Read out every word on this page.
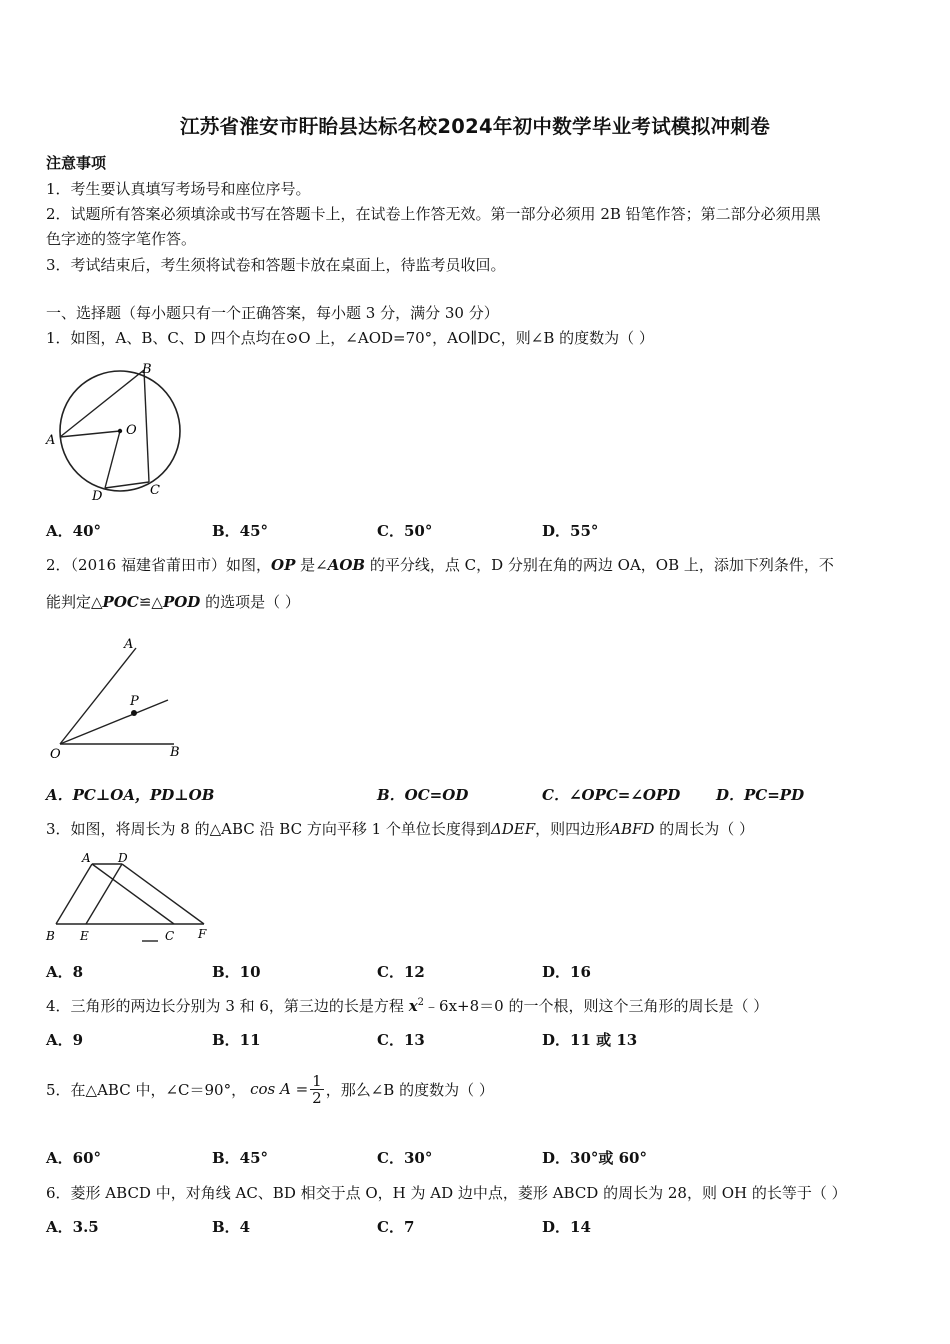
江苏省淮安市盱眙县达标名校2024年初中数学毕业考试模拟冲刺卷
注意事项
1．考生要认真填写考场号和座位序号。
2．试题所有答案必须填涂或书写在答题卡上，在试卷上作答无效。第一部分必须用 2B 铅笔作答；第二部分必须用黑
色字迹的签字笔作答。
3．考试结束后，考生须将试卷和答题卡放在桌面上，待监考员收回。
一、选择题（每小题只有一个正确答案，每小题 3 分，满分 30 分）
1．如图，A、B、C、D 四个点均在⊙O 上，∠AOD=70°，AO∥DC，则∠B 的度数为（ ）
A
B
C
D
O
A．40°	B．45°	C．50°	D．55°
2．（2016 福建省莆田市）如图，OP 是∠AOB 的平分线，点 C，D 分别在角的两边 OA，OB 上，添加下列条件，不
能判定△POC≌△POD 的选项是（ ）
A
P
O	B
A．PC⊥OA，PD⊥OB	B．OC=OD	C．∠OPC=∠OPD D．PC=PD
3．如图，将周长为 8 的△ABC 沿 BC 方向平移 1 个单位长度得到ΔDEF，则四边形ABFD 的周长为（ ）
A D
B E	C F
A．8	B．10	C．12	D．16
4．三角形的两边长分别为 3 和 6，第三边的长是方程 $x^2﹣6x+8=0$ 的一个根，则这个三角形的周长是（ ）
A．9	B．11	C．13	D．11 或 13
5．在△ABC 中，∠C＝90°， $\cos A = \frac{1}{2}$ ，那么∠B 的度数为（ ）
A．60°	B．45°	C．30°	D．30°或 60°
6．菱形 ABCD 中，对角线 AC、BD 相交于点 O，H 为 AD 边中点，菱形 ABCD 的周长为 28，则 OH 的长等于（ ）
A．3.5	B．4	C．7	D．14
